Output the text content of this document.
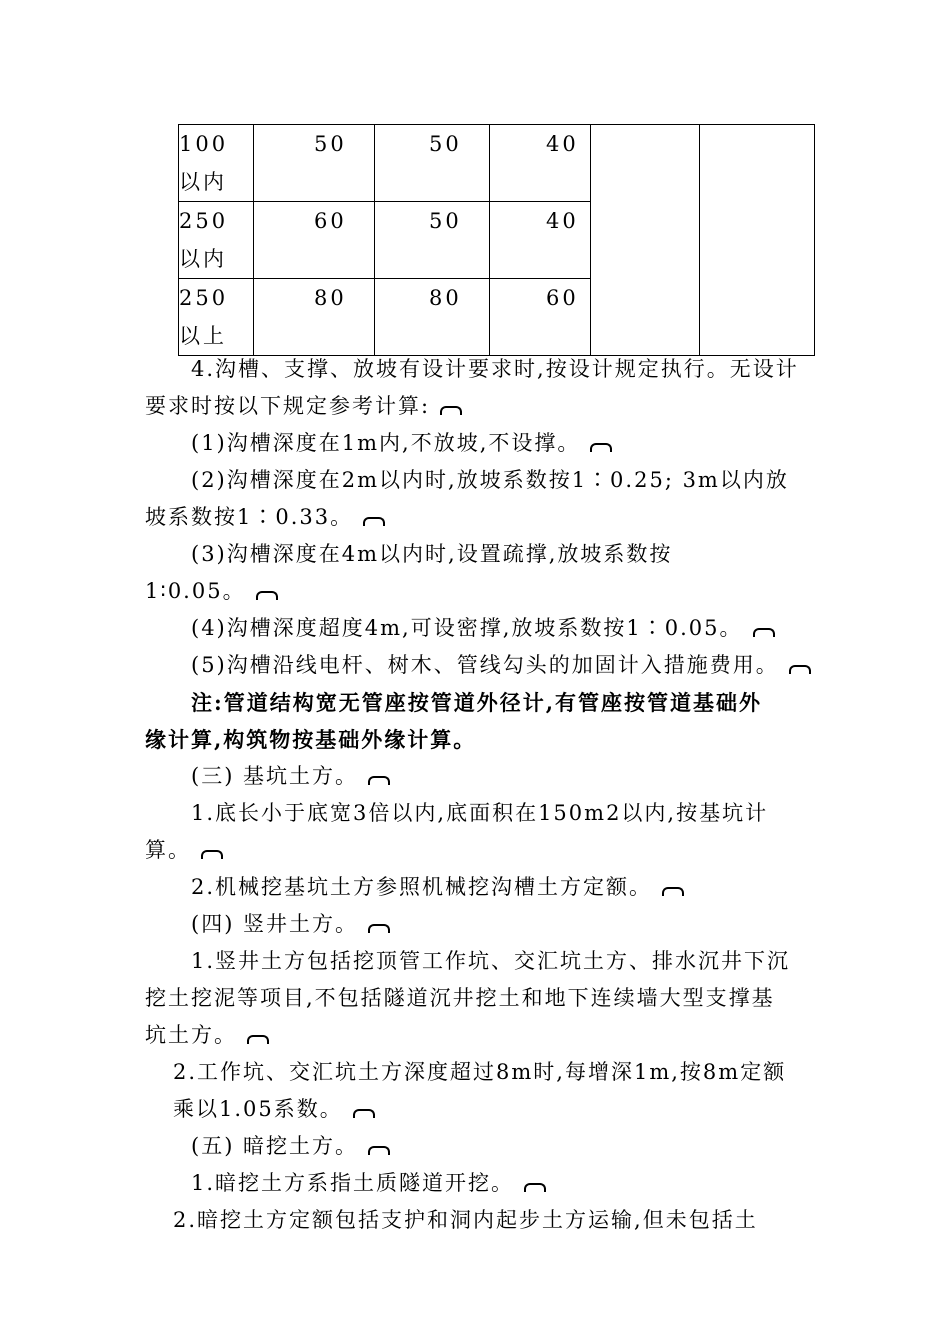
100
以内	50	50	40		

250
以内	60	50	40		

250
以上	80	80	60		

4.沟槽、支撑、放坡有设计要求时,按设计规定执行。无设计

要求时按以下规定参考计算:

(1)沟槽深度在1m内,不放坡,不设撑。

(2)沟槽深度在2m以内时,放坡系数按1∶0.25; 3m以内放

坡系数按1∶0.33。

(3)沟槽深度在4m以内时,设置疏撑,放坡系数按

1∶0.05。

(4)沟槽深度超度4m,可设密撑,放坡系数按1∶0.05。

(5)沟槽沿线电杆、树木、管线勾头的加固计入措施费用。

注:管道结构宽无管座按管道外径计,有管座按管道基础外

缘计算,构筑物按基础外缘计算。

(三) 基坑土方。

1.底长小于底宽3倍以内,底面积在150m2以内,按基坑计

算。

2.机械挖基坑土方参照机械挖沟槽土方定额。

(四) 竖井土方。

1.竖井土方包括挖顶管工作坑、交汇坑土方、排水沉井下沉

挖土挖泥等项目,不包括隧道沉井挖土和地下连续墙大型支撑基

坑土方。

2.工作坑、交汇坑土方深度超过8m时,每增深1m,按8m定额

乘以1.05系数。

(五) 暗挖土方。

1.暗挖土方系指土质隧道开挖。

2.暗挖土方定额包括支护和洞内起步土方运输,但未包括土
